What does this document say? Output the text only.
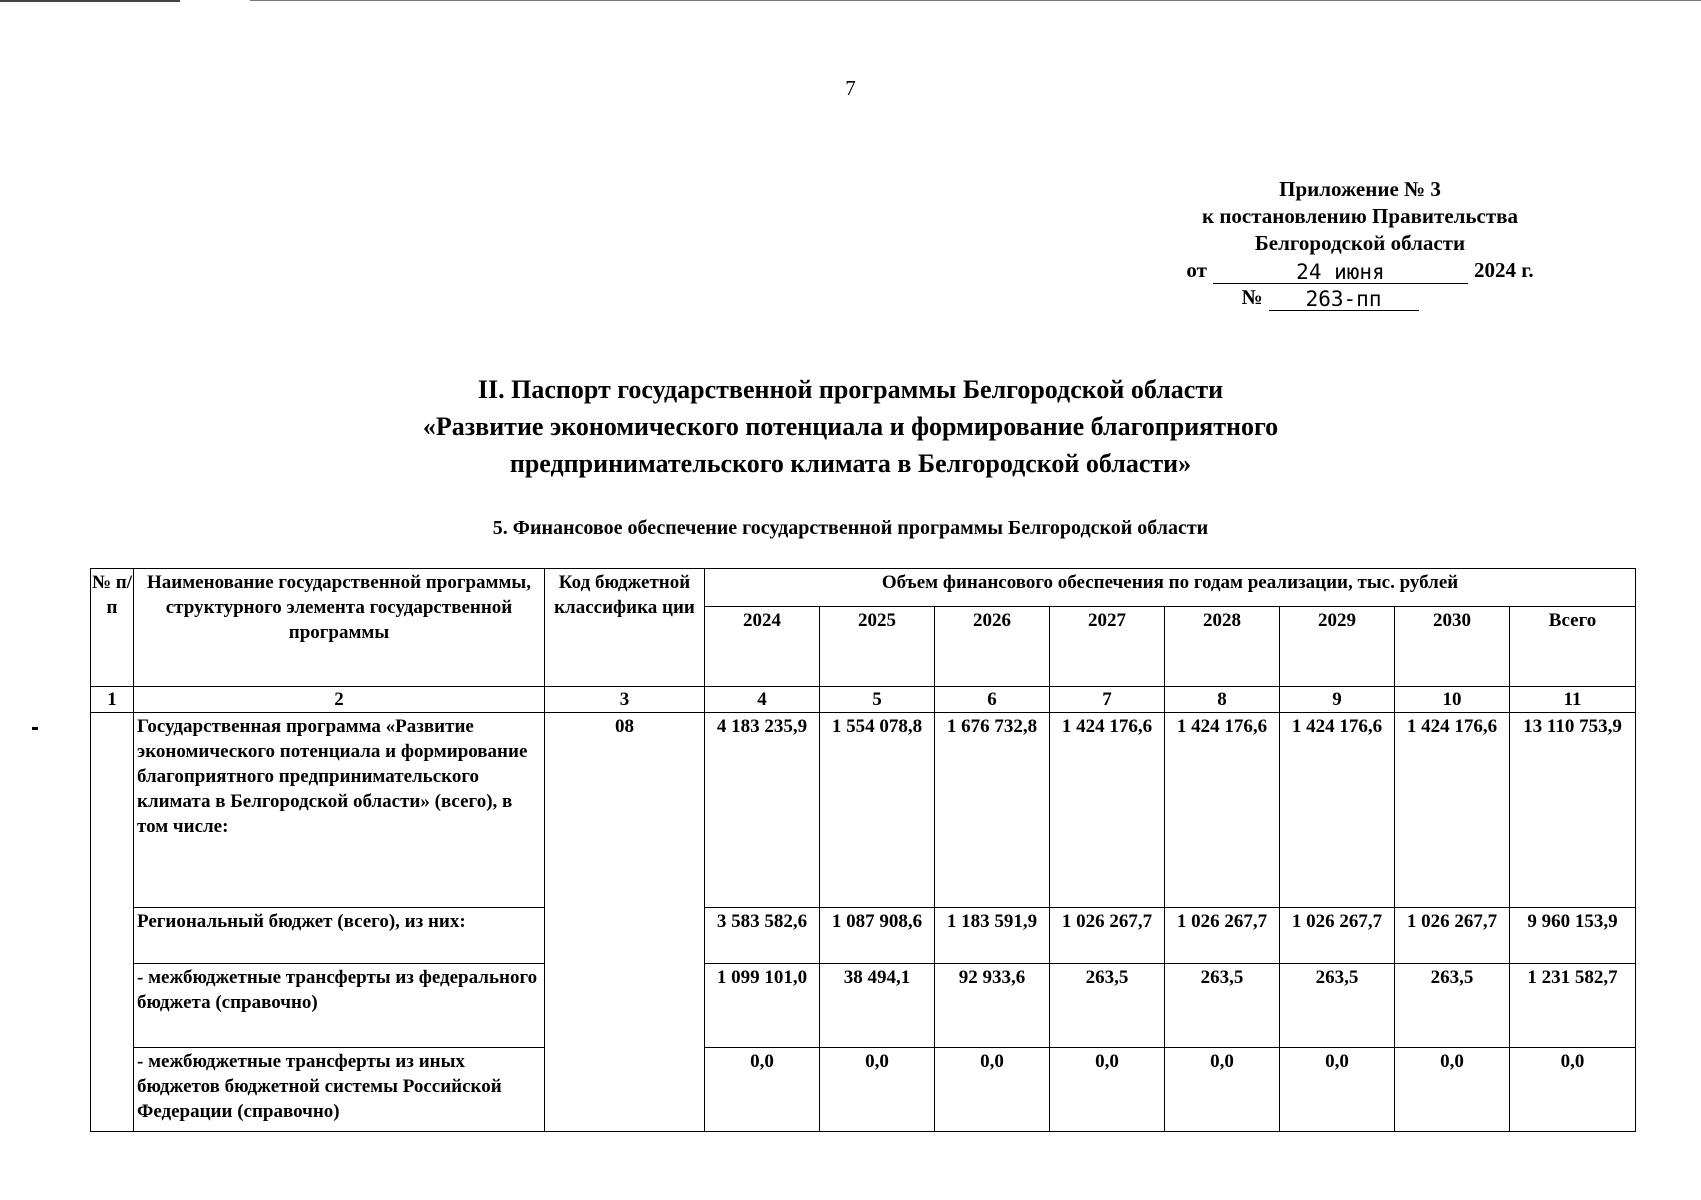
7
Приложение № 3
к постановлению Правительства
Белгородской области
от	24 июня	2024 г.
№	263-пп
II. Паспорт государственной программы Белгородской области
«Развитие экономического потенциала и формирование благоприятного
предпринимательского климата в Белгородской области»
5. Финансовое обеспечение государственной программы Белгородской области
№ п/п	Наименование государственной программы, структурного элемента государственной программы	Код бюджетной классифика ции	Объем финансового обеспечения по годам реализации, тыс. рублей							
			2024	2025	2026	2027	2028	2029	2030	Всего
1	2	3	4	5	6	7	8	9	10	11
	Государственная программа «Развитие экономического потенциала и формирование благоприятного предпринимательского климата в Белгородской области» (всего), в том числе:	08	4 183 235,9	1 554 078,8	1 676 732,8	1 424 176,6	1 424 176,6	1 424 176,6	1 424 176,6	13 110 753,9
	Региональный бюджет (всего), из них:		3 583 582,6	1 087 908,6	1 183 591,9	1 026 267,7	1 026 267,7	1 026 267,7	1 026 267,7	9 960 153,9
	- межбюджетные трансферты из федерального бюджета (справочно)		1 099 101,0	38 494,1	92 933,6	263,5	263,5	263,5	263,5	1 231 582,7
	- межбюджетные трансферты из иных бюджетов бюджетной системы Российской Федерации (справочно)		0,0	0,0	0,0	0,0	0,0	0,0	0,0	0,0
